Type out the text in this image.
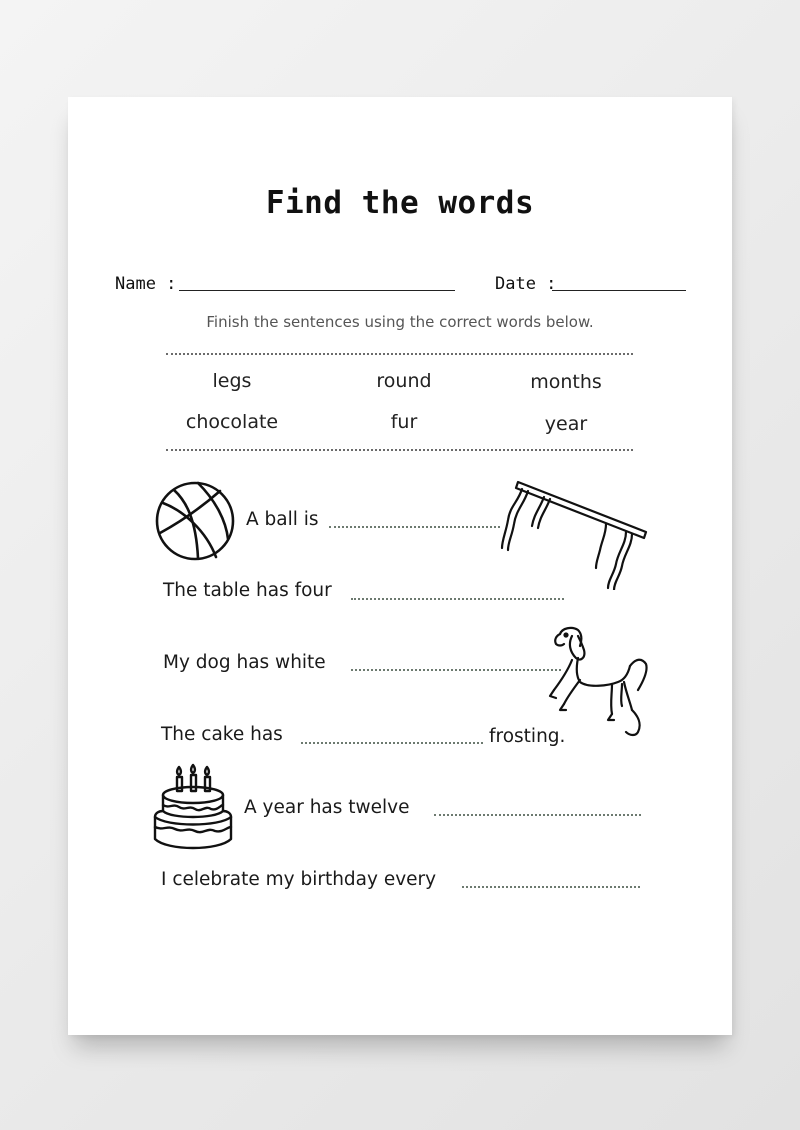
Find the words
Name :	Date :
Finish the sentences using the correct words below.
legs	round	months
chocolate	fur	year
A ball is
The table has four
My dog has white
The cake has	frosting.
A year has twelve
I celebrate my birthday every
